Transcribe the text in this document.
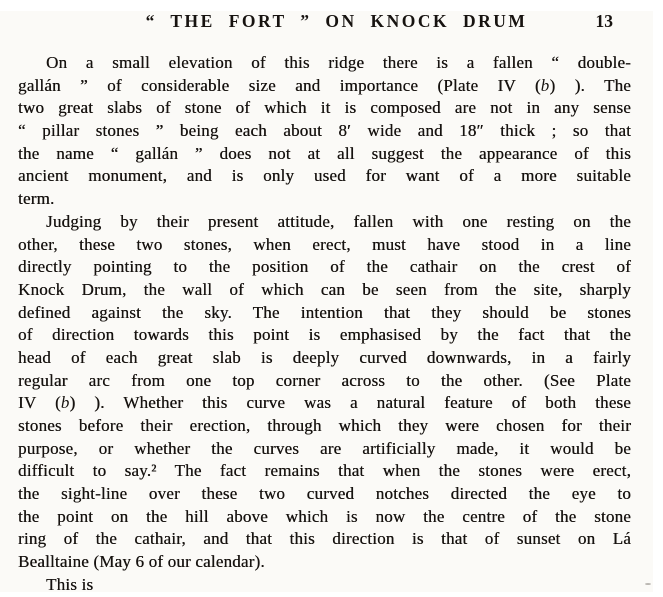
“ THE FORT ” ON KNOCK DRUM	13
On a small elevation of this ridge there is a fallen “ double-
gallán ” of considerable size and importance (Plate IV (b) ). The
two great slabs of stone of which it is composed are not in any sense
“ pillar stones ” being each about 8′ wide and 18″ thick ; so that
the name “ gallán ” does not at all suggest the appearance of this
ancient monument, and is only used for want of a more suitable
term.
Judging by their present attitude, fallen with one resting on the
other, these two stones, when erect, must have stood in a line
directly pointing to the position of the cathair on the crest of
Knock Drum, the wall of which can be seen from the site, sharply
defined against the sky. The intention that they should be stones
of direction towards this point is emphasised by the fact that the
head of each great slab is deeply curved downwards, in a fairly
regular arc from one top corner across to the other. (See Plate
IV (b) ). Whether this curve was a natural feature of both these
stones before their erection, through which they were chosen for their
purpose, or whether the curves are artificially made, it would be
difficult to say.² The fact remains that when the stones were erect,
the sight-line over these two curved notches directed the eye to
the point on the hill above which is now the centre of the stone
ring of the cathair, and that this direction is that of sunset on Lá
Bealltaine (May 6 of our calendar).
This is
